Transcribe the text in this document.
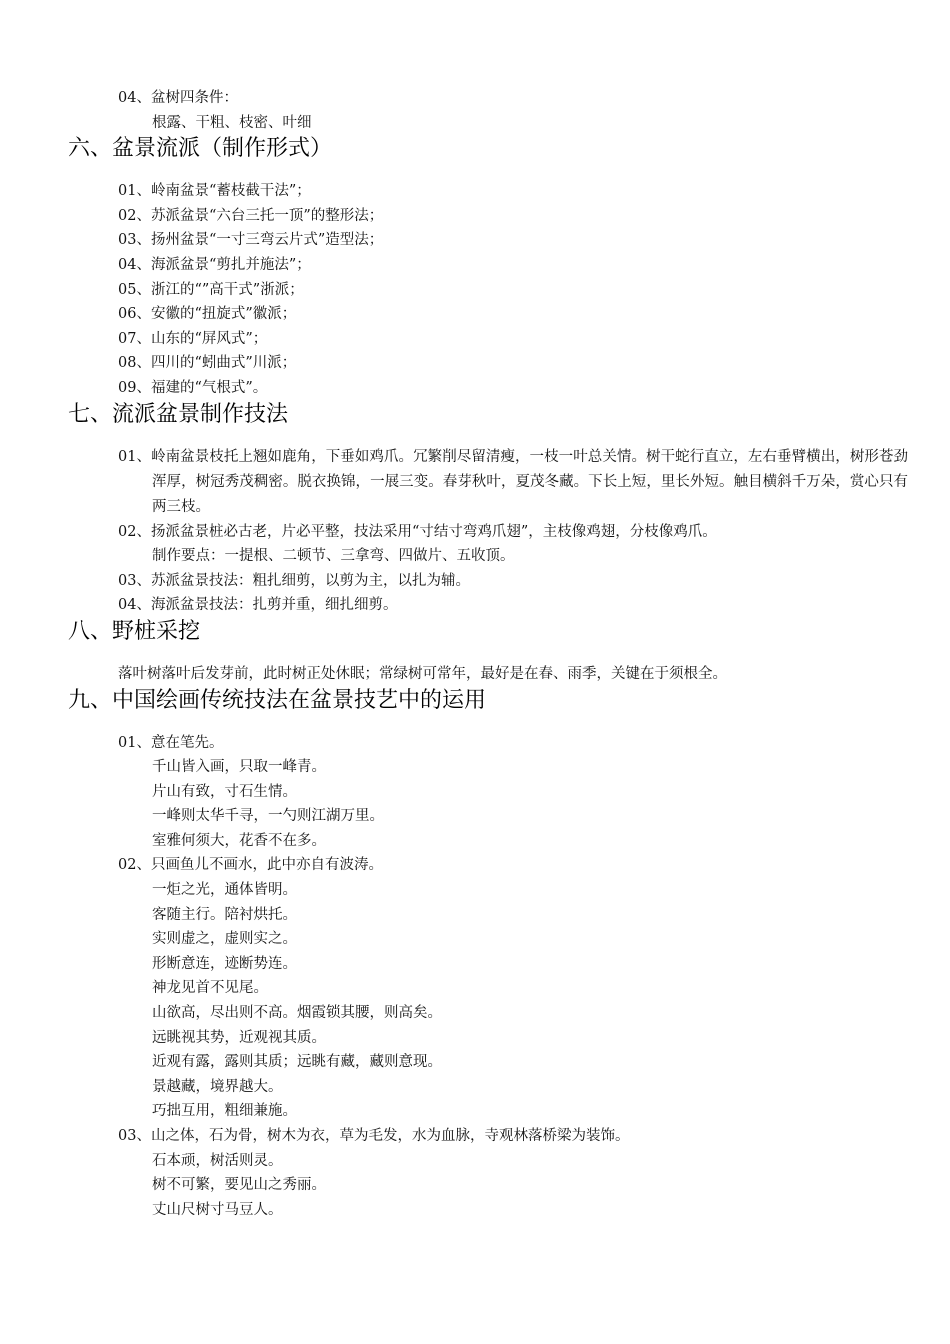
04、盆树四条件：

根露、干粗、枝密、叶细

六、盆景流派（制作形式）

01、岭南盆景“蓄枝截干法”；

02、苏派盆景“六台三托一顶”的整形法；

03、扬州盆景“一寸三弯云片式”造型法；

04、海派盆景“剪扎并施法”；

05、浙江的“”高干式”浙派；

06、安徽的“扭旋式”徽派；

07、山东的“屏风式”；

08、四川的“蚓曲式”川派；

09、福建的“气根式”。

七、流派盆景制作技法

01、岭南盆景枝托上翘如鹿角，下垂如鸡爪。冗繁削尽留清瘦，一枝一叶总关情。树干蛇行直立，左右垂臂横出，树形苍劲浑厚，树冠秀茂稠密。脱衣换锦，一展三变。春芽秋叶，夏茂冬藏。下长上短，里长外短。触目横斜千万朵，赏心只有两三枝。

02、扬派盆景桩必古老，片必平整，技法采用“寸结寸弯鸡爪翅”，主枝像鸡翅，分枝像鸡爪。

制作要点：一提根、二顿节、三拿弯、四做片、五收顶。

03、苏派盆景技法：粗扎细剪，以剪为主，以扎为辅。

04、海派盆景技法：扎剪并重，细扎细剪。

八、野桩采挖

落叶树落叶后发芽前，此时树正处休眠；常绿树可常年，最好是在春、雨季，关键在于须根全。

九、中国绘画传统技法在盆景技艺中的运用

01、意在笔先。

千山皆入画，只取一峰青。

片山有致，寸石生情。

一峰则太华千寻，一勺则江湖万里。

室雅何须大，花香不在多。

02、只画鱼儿不画水，此中亦自有波涛。

一炬之光，通体皆明。

客随主行。陪衬烘托。

实则虚之，虚则实之。

形断意连，迹断势连。

神龙见首不见尾。

山欲高，尽出则不高。烟霞锁其腰，则高矣。

远眺视其势，近观视其质。

近观有露，露则其质；远眺有藏，藏则意现。

景越藏，境界越大。

巧拙互用，粗细兼施。

03、山之体，石为骨，树木为衣，草为毛发，水为血脉，寺观林落桥梁为装饰。

石本顽，树活则灵。

树不可繁，要见山之秀丽。

丈山尺树寸马豆人。
